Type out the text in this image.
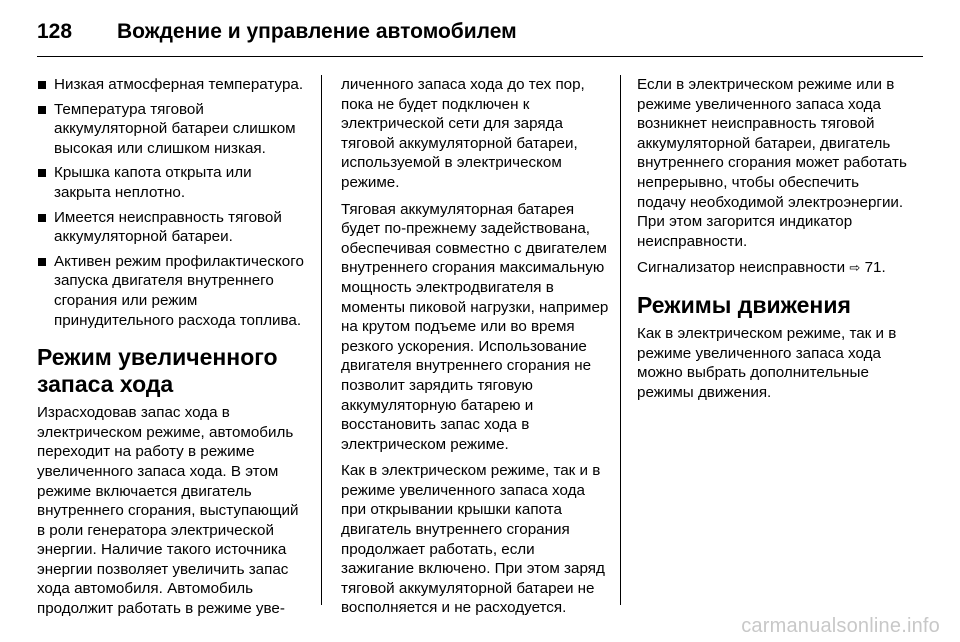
128	Вождение и управление автомобилем
Низкая атмосферная температура.
Температура тяговой аккумуляторной батареи слишком высокая или слишком низкая.
Крышка капота открыта или закрыта неплотно.
Имеется неисправность тяговой аккумуляторной батареи.
Активен режим профилактического запуска двигателя внутреннего сгорания или режим принудительного расхода топлива.
Режим увеличенного запаса хода

Израсходовав запас хода в электрическом режиме, автомобиль переходит на работу в режиме увеличенного запаса хода. В этом режиме включается двигатель внутреннего сгорания, выступающий в роли генератора электрической энергии. Наличие такого источника энергии позволяет увеличить запас хода автомобиля. Автомобиль продолжит работать в режиме уве-

личенного запаса хода до тех пор, пока не будет подключен к электрической сети для заряда тяговой аккумуляторной батареи, используемой в электрическом режиме.

Тяговая аккумуляторная батарея будет по-прежнему задействована, обеспечивая совместно с двигателем внутреннего сгорания максимальную мощность электродвигателя в моменты пиковой нагрузки, например на крутом подъеме или во время резкого ускорения. Использование двигателя внутреннего сгорания не позволит зарядить тяговую аккумуляторную батарею и восстановить запас хода в электрическом режиме.

Как в электрическом режиме, так и в режиме увеличенного запаса хода при открывании крышки капота двигатель внутреннего сгорания продолжает работать, если зажигание включено. При этом заряд тяговой аккумуляторной батареи не восполняется и не расходуется.

Если в электрическом режиме или в режиме увеличенного запаса хода возникнет неисправность тяговой аккумуляторной батареи, двигатель внутреннего сгорания может работать непрерывно, чтобы обеспечить подачу необходимой электроэнергии. При этом загорится индикатор неисправности.

Сигнализатор неисправности ⇨ 71.

Режимы движения

Как в электрическом режиме, так и в режиме увеличенного запаса хода можно выбрать дополнительные режимы движения.

carmanualsonline.info
